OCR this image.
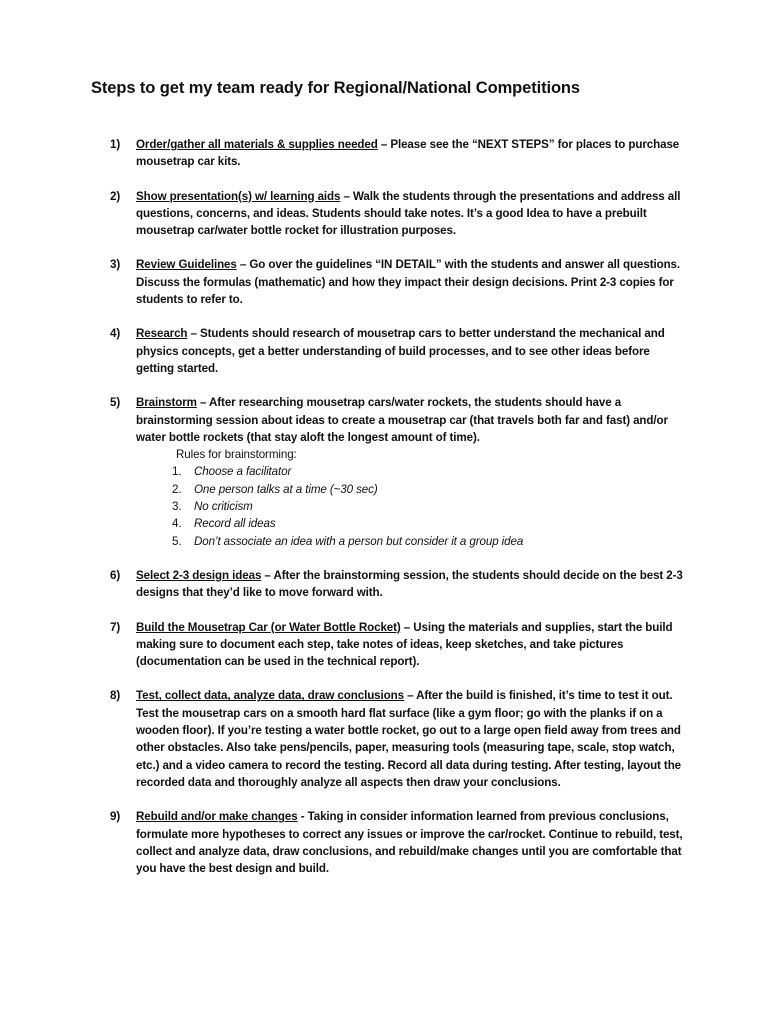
Steps to get my team ready for Regional/National Competitions
1) Order/gather all materials & supplies needed – Please see the “NEXT STEPS” for places to purchase mousetrap car kits.
2) Show presentation(s) w/ learning aids – Walk the students through the presentations and address all questions, concerns, and ideas. Students should take notes. It’s a good Idea to have a prebuilt mousetrap car/water bottle rocket for illustration purposes.
3) Review Guidelines – Go over the guidelines “IN DETAIL” with the students and answer all questions. Discuss the formulas (mathematic) and how they impact their design decisions. Print 2-3 copies for students to refer to.
4) Research – Students should research of mousetrap cars to better understand the mechanical and physics concepts, get a better understanding of build processes, and to see other ideas before getting started.
5) Brainstorm – After researching mousetrap cars/water rockets, the students should have a brainstorming session about ideas to create a mousetrap car (that travels both far and fast) and/or water bottle rockets (that stay aloft the longest amount of time).
Rules for brainstorming:
1. Choose a facilitator
2. One person talks at a time (~30 sec)
3. No criticism
4. Record all ideas
5. Don’t associate an idea with a person but consider it a group idea
6) Select 2-3 design ideas – After the brainstorming session, the students should decide on the best 2-3 designs that they’d like to move forward with.
7) Build the Mousetrap Car (or Water Bottle Rocket) – Using the materials and supplies, start the build making sure to document each step, take notes of ideas, keep sketches, and take pictures (documentation can be used in the technical report).
8) Test, collect data, analyze data, draw conclusions – After the build is finished, it’s time to test it out. Test the mousetrap cars on a smooth hard flat surface (like a gym floor; go with the planks if on a wooden floor). If you’re testing a water bottle rocket, go out to a large open field away from trees and other obstacles. Also take pens/pencils, paper, measuring tools (measuring tape, scale, stop watch, etc.) and a video camera to record the testing. Record all data during testing. After testing, layout the recorded data and thoroughly analyze all aspects then draw your conclusions.
9) Rebuild and/or make changes - Taking in consider information learned from previous conclusions, formulate more hypotheses to correct any issues or improve the car/rocket. Continue to rebuild, test, collect and analyze data, draw conclusions, and rebuild/make changes until you are comfortable that you have the best design and build.
